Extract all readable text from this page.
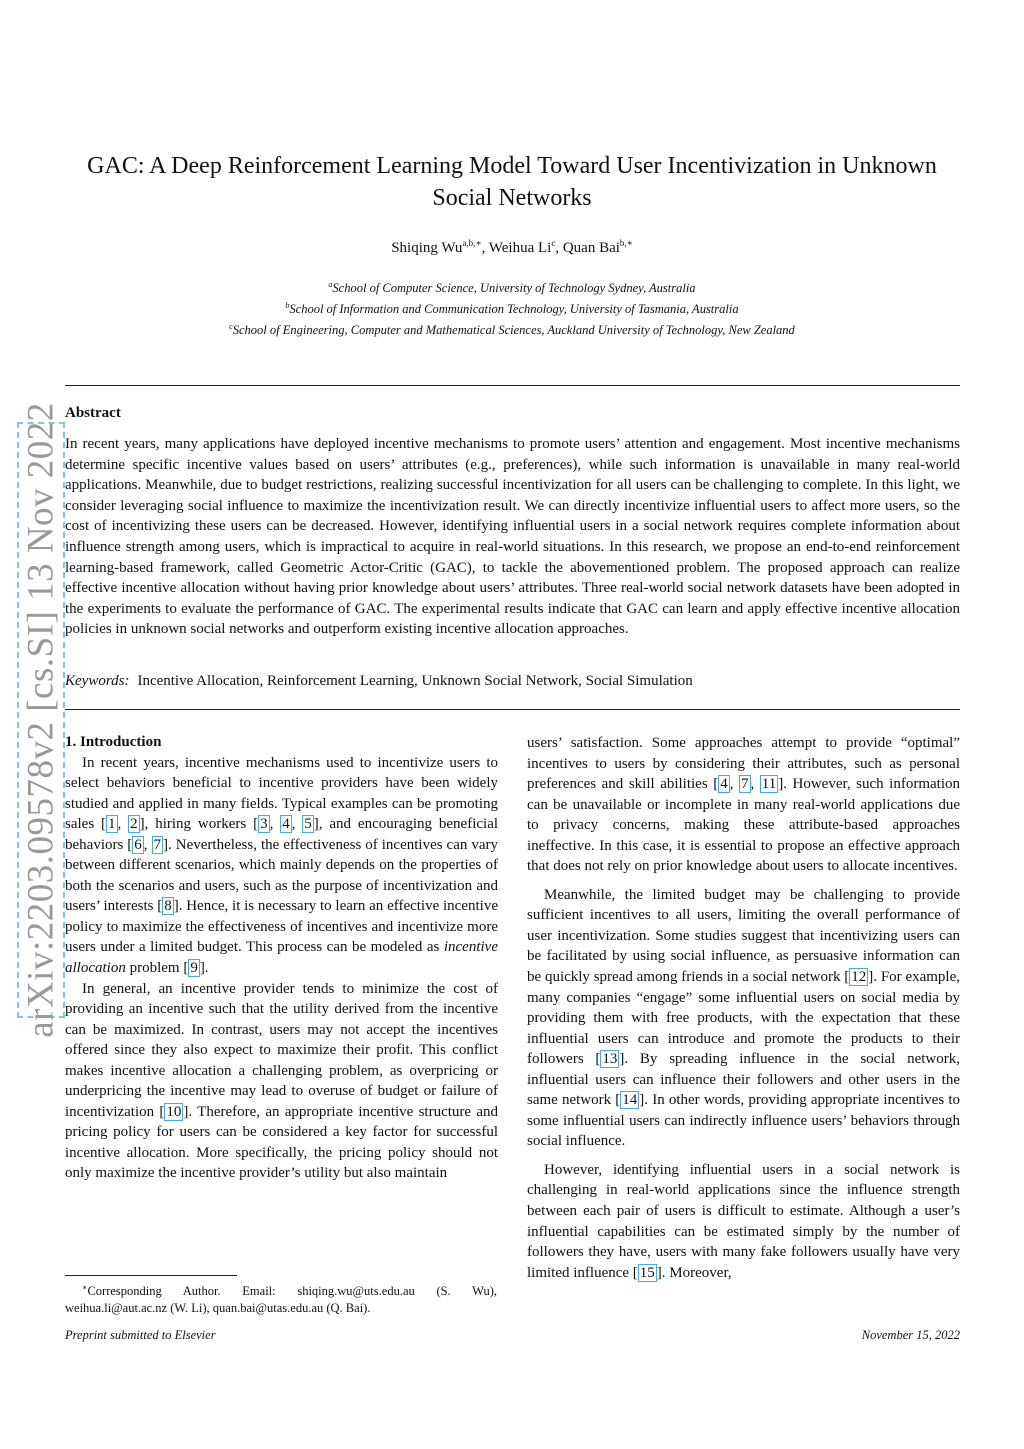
GAC: A Deep Reinforcement Learning Model Toward User Incentivization in Unknown Social Networks
Shiqing $Wu^{a,b,∗}$, Weihua Li$^c$, Quan Bai$^{b,∗}$
$^a$School of Computer Science, University of Technology Sydney, Australia
$^b$School of Information and Communication Technology, University of Tasmania, Australia
$^c$School of Engineering, Computer and Mathematical Sciences, Auckland University of Technology, New Zealand
Abstract
In recent years, many applications have deployed incentive mechanisms to promote users’ attention and engagement. Most incentive mechanisms determine specific incentive values based on users’ attributes (e.g., preferences), while such information is unavailable in many real-world applications. Meanwhile, due to budget restrictions, realizing successful incentivization for all users can be challenging to complete. In this light, we consider leveraging social influence to maximize the incentivization result. We can directly incentivize influential users to affect more users, so the cost of incentivizing these users can be decreased. However, identifying influential users in a social network requires complete information about influence strength among users, which is impractical to acquire in real-world situations. In this research, we propose an end-to-end reinforcement learning-based framework, called Geometric Actor-Critic (GAC), to tackle the abovementioned problem. The proposed approach can realize effective incentive allocation without having prior knowledge about users’ attributes. Three real-world social network datasets have been adopted in the experiments to evaluate the performance of GAC. The experimental results indicate that GAC can learn and apply effective incentive allocation policies in unknown social networks and outperform existing incentive allocation approaches.
Keywords: Incentive Allocation, Reinforcement Learning, Unknown Social Network, Social Simulation

1. Introduction

In recent years, incentive mechanisms used to incentivize users to select behaviors beneficial to incentive providers have been widely studied and applied in many fields. Typical examples can be promoting sales [ 1 , 2 ], hiring workers [ 3 , 4 , 5 ], and encouraging beneficial behaviors [ 6 , 7 ]. Nevertheless, the effectiveness of incentives can vary between different scenarios, which mainly depends on the properties of both the scenarios and users, such as the purpose of incentivization and users’ interests [ 8 ]. Hence, it is necessary to learn an effective incentive policy to maximize the effectiveness of incentives and incentivize more users under a limited budget. This process can be modeled as incentive allocation problem [ 9 ].

In general, an incentive provider tends to minimize the cost of providing an incentive such that the utility derived from the incentive can be maximized. In contrast, users may not accept the incentives offered since they also expect to maximize their profit. This conflict makes incentive allocation a challenging problem, as overpricing or underpricing the incentive may lead to overuse of budget or failure of incentivization [ 10 ]. Therefore, an appropriate incentive structure and pricing policy for users can be considered a key factor for successful incentive allocation. More specifically, the pricing policy should not only maximize the incentive provider’s utility but also maintain

users’ satisfaction. Some approaches attempt to provide “optimal” incentives to users by considering their attributes, such as personal preferences and skill abilities [ 4 , 7 , 11 ]. However, such information can be unavailable or incomplete in many real-world applications due to privacy concerns, making these attribute-based approaches ineffective. In this case, it is essential to propose an effective approach that does not rely on prior knowledge about users to allocate incentives.

Meanwhile, the limited budget may be challenging to provide sufficient incentives to all users, limiting the overall performance of user incentivization. Some studies suggest that incentivizing users can be facilitated by using social influence, as persuasive information can be quickly spread among friends in a social network [ 12 ]. For example, many companies “engage” some influential users on social media by providing them with free products, with the expectation that these influential users can introduce and promote the products to their followers [ 13 ]. By spreading influence in the social network, influential users can influence their followers and other users in the same network [ 14 ]. In other words, providing appropriate incentives to some influential users can indirectly influence users’ behaviors through social influence.

However, identifying influential users in a social network is challenging in real-world applications since the influence strength between each pair of users is difficult to estimate. Although a user’s influential capabilities can be estimated simply by the number of followers they have, users with many fake followers usually have very limited influence [ 15 ]. Moreover,

∗Corresponding Author. Email: shiqing.wu@uts.edu.au (S. Wu), weihua.li@aut.ac.nz (W. Li), quan.bai@utas.edu.au (Q. Bai).
Preprint submitted to Elsevier	November 15, 2022
arXiv:2203.09578v2 [cs.SI] 13 Nov 2022
